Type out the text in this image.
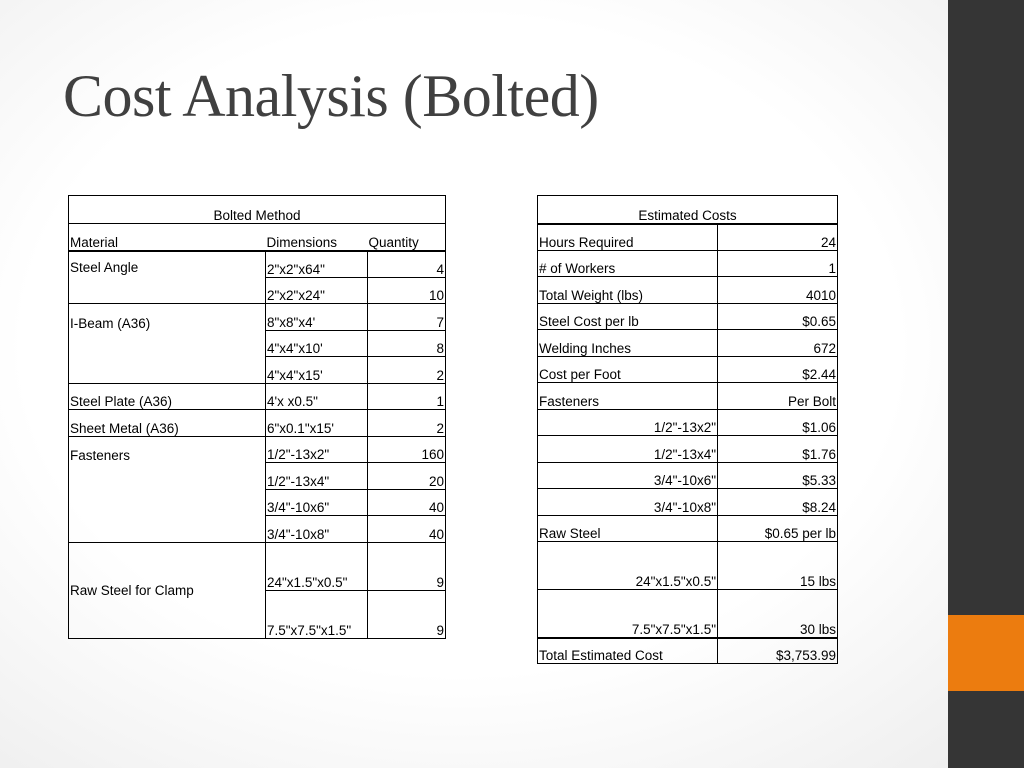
Cost Analysis (Bolted)
Bolted Method		
Material	Dimensions	Quantity
Steel Angle	2"x2"x64"	4
	2"x2"x24"	10
I-Beam (A36)	8"x8"x4'	7
	4"x4"x10'	8
	4"x4"x15'	2
Steel Plate (A36)	4'x x0.5"	1
Sheet Metal (A36)	6"x0.1"x15'	2
Fasteners	1/2"-13x2"	160
	1/2"-13x4"	20
	3/4"-10x6"	40
	3/4"-10x8"	40
Raw Steel for Clamp	24"x1.5"x0.5"	9
	7.5"x7.5"x1.5"	9
Estimated Costs	
Hours Required	24
# of Workers	1
Total Weight (lbs)	4010
Steel Cost per lb	$0.65
Welding Inches	672
Cost per Foot	$2.44
Fasteners	Per Bolt
1/2"-13x2"	$1.06
1/2"-13x4"	$1.76
3/4"-10x6"	$5.33
3/4"-10x8"	$8.24
Raw Steel	$0.65 per lb
24"x1.5"x0.5"	15 lbs
7.5"x7.5"x1.5"	30 lbs
Total Estimated Cost	$3,753.99
